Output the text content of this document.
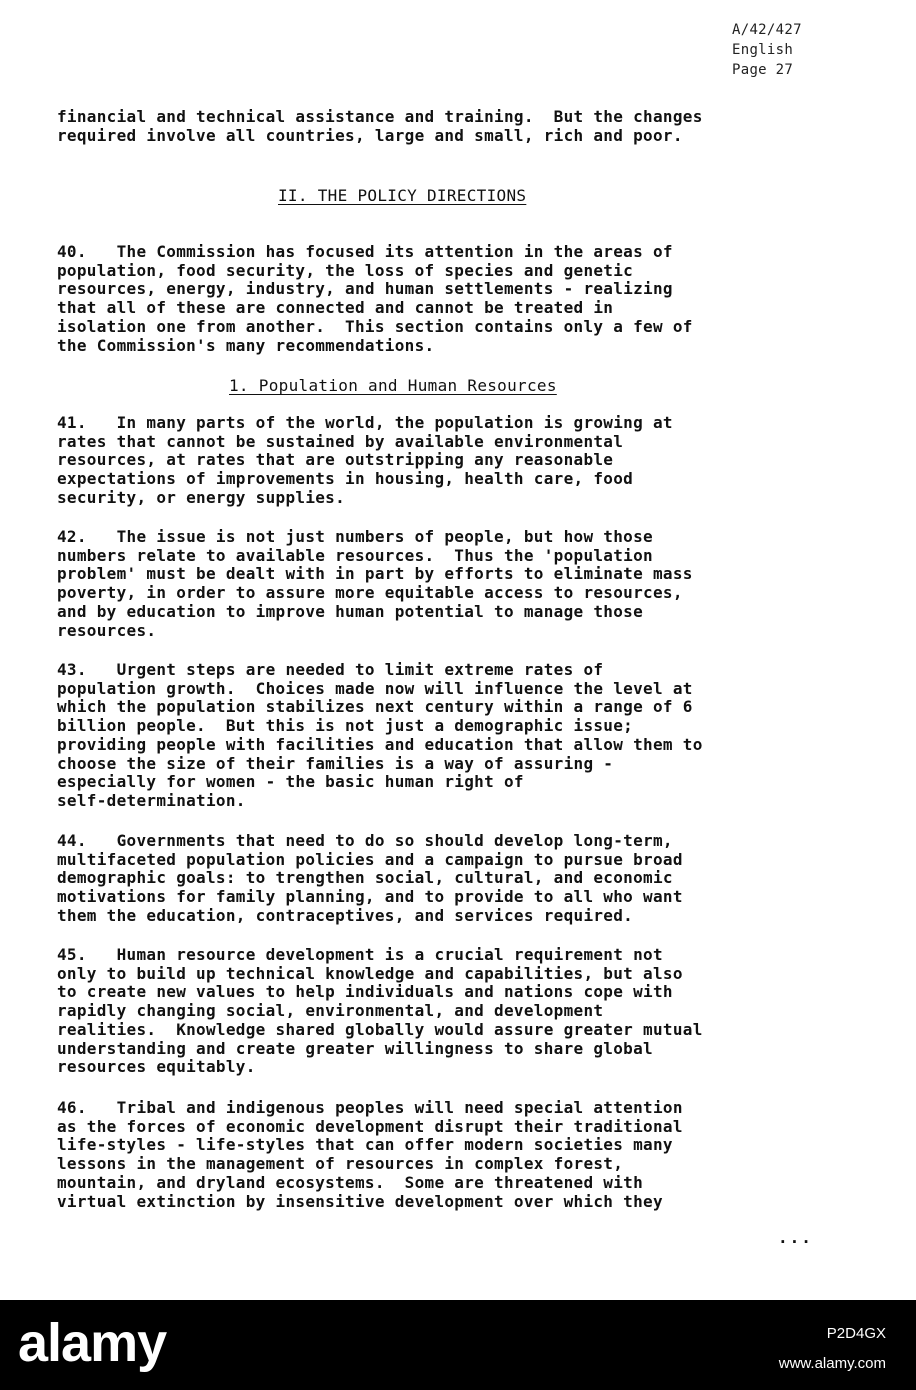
A/42/427
English
Page 27

financial and technical assistance and training.  But the changes
required involve all countries, large and small, rich and poor.

II. THE POLICY DIRECTIONS

40.   The Commission has focused its attention in the areas of
population, food security, the loss of species and genetic
resources, energy, industry, and human settlements - realizing
that all of these are connected and cannot be treated in
isolation one from another.  This section contains only a few of
the Commission's many recommendations.

1. Population and Human Resources

41.   In many parts of the world, the population is growing at
rates that cannot be sustained by available environmental
resources, at rates that are outstripping any reasonable
expectations of improvements in housing, health care, food
security, or energy supplies.

42.   The issue is not just numbers of people, but how those
numbers relate to available resources.  Thus the 'population
problem' must be dealt with in part by efforts to eliminate mass
poverty, in order to assure more equitable access to resources,
and by education to improve human potential to manage those
resources.

43.   Urgent steps are needed to limit extreme rates of
population growth.  Choices made now will influence the level at
which the population stabilizes next century within a range of 6
billion people.  But this is not just a demographic issue;
providing people with facilities and education that allow them to
choose the size of their families is a way of assuring -
especially for women - the basic human right of
self-determination.

44.   Governments that need to do so should develop long-term,
multifaceted population policies and a campaign to pursue broad
demographic goals: to trengthen social, cultural, and economic
motivations for family planning, and to provide to all who want
them the education, contraceptives, and services required.

45.   Human resource development is a crucial requirement not
only to build up technical knowledge and capabilities, but also
to create new values to help individuals and nations cope with
rapidly changing social, environmental, and development
realities.  Knowledge shared globally would assure greater mutual
understanding and create greater willingness to share global
resources equitably.

46.   Tribal and indigenous peoples will need special attention
as the forces of economic development disrupt their traditional
life-styles - life-styles that can offer modern societies many
lessons in the management of resources in complex forest,
mountain, and dryland ecosystems.  Some are threatened with
virtual extinction by insensitive development over which they

...
alamy	P2D4GX
www.alamy.com
